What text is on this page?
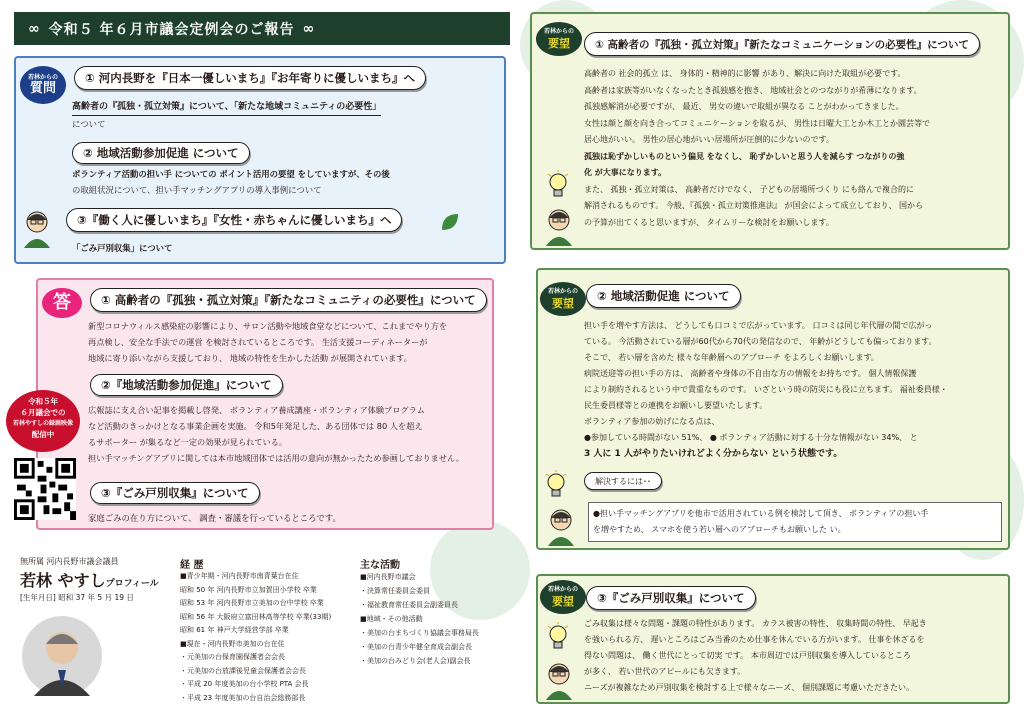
∞ 令和５ 年６月市議会定例会のご報告 ∞
若林からの
質問
① 河内長野を『日本一優しいまち』『お年寄りに優しいまち』へ
高齢者の『孤独・孤立対策』について、「新たな地域コミュニティの必要性」
について
② 地域活動参加促進 について
ボランティア活動の担い手 についての ポイント活用の要望 をしていますが、その後
の取組状況について、担い手マッチングアプリの導入事例について
③『働く人に優しいまち』『女性・赤ちゃんに優しいまち』へ
「ごみ戸別収集」について
答	① 高齢者の『孤独・孤立対策』『新たなコミュニティの必要性』について
新型コロナウィルス感染症の影響により、サロン活動や地域食堂などについて、これまでやり方を
再点検し、安全な手法での運営 を検討されているところです。 生活支援コーディネーターが
地域に寄り添いながら支援しており、 地域の特性を生かした活動 が展開されています。
②『地域活動参加促進』について
広報誌に支え合い記事を掲載し啓発、 ボランティア養成講座・ボランティア体験プログラム
など活動のきっかけとなる事業企画を実施。 令和5年発足した、ある団体では 80 人を超え
るサポーター が集るなど一定の効果が見られている。
担い手マッチングアプリに関しては本市地域団体では活用の意向が無かったため参画しておりません。
③『ごみ戸別収集』について
家庭ごみの在り方について、 調査・審議を行っているところです。
令和５年
６月議会での
若林やすしの録画映像
配信中
無所属 河内長野市議会議員
若林 やすしプロフィール
[生年月日] 昭和 37 年 5 月 19 日
経 歴
■青少年期・河内長野市南青葉台在住
昭和 50 年 河内長野市立加賀田小学校 卒業
昭和 53 年 河内長野市立美加の台中学校 卒業
昭和 56 年 大阪府立富田林高等学校 卒業(33期)
昭和 61 年 神戸大学経営学部 卒業
■現在・河内長野市美加の台在住
・元美加の台保育園保護者会会長
・元美加の台放課後児童会保護者会会長
・平成 20 年度美加の台小学校 PTA 会長
・平成 23 年度美加の台自治会総務部長
主な活動
■河内長野市議会
・決算常任委員会委員
・福祉教育常任委員会副委員長
■地域・その他活動
・美加の台まちづくり協議会事務局長
・美加の台青少年健全育成会副会長
・美加の台みどり会(老人会)副会長
若林からの
要望	① 高齢者の『孤独・孤立対策』『新たなコミュニケーションの必要性』について
高齢者の 社会的孤立 は、 身体的・精神的に影響 があり、解決に向けた取組が必要です。
高齢者は家族等がいなくなったとき孤独感を抱き、 地域社会とのつながりが希薄になります。
孤独感解消が必要ですが、 最近、 男女の違いで取組が異なる ことがわかってきました。
女性は顔と顔を向き合ってコミュニケーションを取るが、 男性は日曜大工とか木工とか園芸等で
居心地がいい。 男性の居心地がいい居場所が圧倒的に少ないのです。
孤独は恥ずかしいものという偏見 をなくし、 恥ずかしいと思う人を減らす つながりの強
化 が大事になります。
また、 孤独・孤立対策は、 高齢者だけでなく、 子どもの居場所づくり にも絡んで複合的に
解消されるものです。 今般、『孤独・孤立対策推進法』 が国会によって成立しており、 国から
の予算が出てくると思いますが、 タイムリーな検討をお願いします。
若林からの
要望
② 地域活動促進 について
担い手を増やす方法は、 どうしても口コミで広がっています。 口コミは同じ年代層の間で広がっ
ている。 今活動されている層が60代から70代の発信なので、 年齢がどうしても偏っております。
そこで、 若い層を含めた 様々な年齢層へのアプローチ をよろしくお願いします。
病院送迎等の担い手の方は、 高齢者や身体の不自由な方の情報をお持ちです。 個人情報保護
により制約されるという中で貴重なものです。 いざという時の防災にも役に立ちます。 福祉委員様・
民生委員様等との連携をお願いし要望いたします。
ボランティア参加の妨げになる点は、
●参加している時間がない 51%、 ● ボランティア活動に対する十分な情報がない 34%、 と
3 人に 1 人がやりたいけれどよく分からない という状態です。
解決するには･･
●担い手マッチングアプリを他市で活用されている例を検討して頂き、 ボランティアの担い手
を増やすため、 スマホを使う若い層へのアプローチもお願いした い。
若林からの
要望	③『ごみ戸別収集』について
ごみ収集は様々な問題・課題の特性があります。 カラス被害の特性、 収集時間の特性、 早起き
を強いられる方、 遅いところはごみ当番のため仕事を休んでいる方がいます。 仕事を休ざるを
得ない問題は、 働く世代にとって切実 です。 本市周辺では戸別収集を導入しているところ
が多く、 若い世代のアピールにも欠きます。
ニーズが複雑なため戸別収集を検討する上で様々なニーズ、 個別課題に考慮いただきたい。
